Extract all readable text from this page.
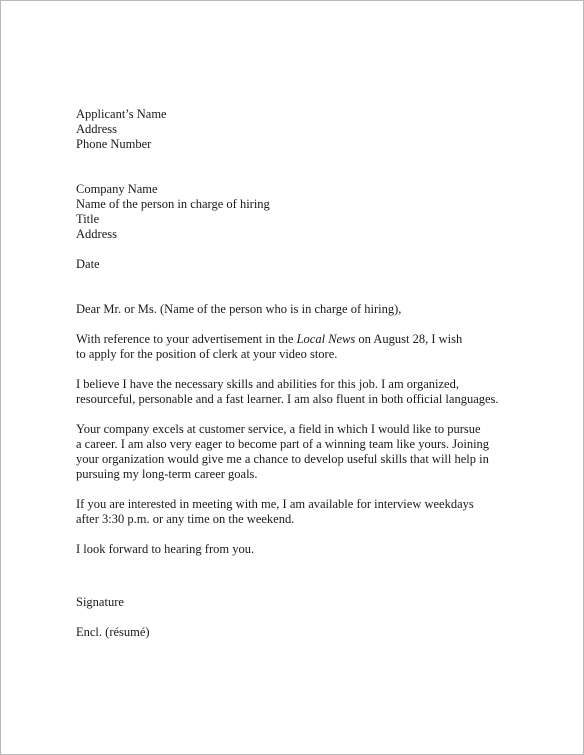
Applicant’s Name
Address
Phone Number
Company Name
Name of the person in charge of hiring
Title
Address
Date
Dear Mr. or Ms. (Name of the person who is in charge of hiring),
With reference to your advertisement in the Local News on August 28, I wish
to apply for the position of clerk at your video store.
I believe I have the necessary skills and abilities for this job. I am organized,
resourceful, personable and a fast learner. I am also fluent in both official languages.
Your company excels at customer service, a field in which I would like to pursue
a career. I am also very eager to become part of a winning team like yours. Joining
your organization would give me a chance to develop useful skills that will help in
pursuing my long-term career goals.
If you are interested in meeting with me, I am available for interview weekdays
after 3:30 p.m. or any time on the weekend.
I look forward to hearing from you.
Signature
Encl. (résumé)
